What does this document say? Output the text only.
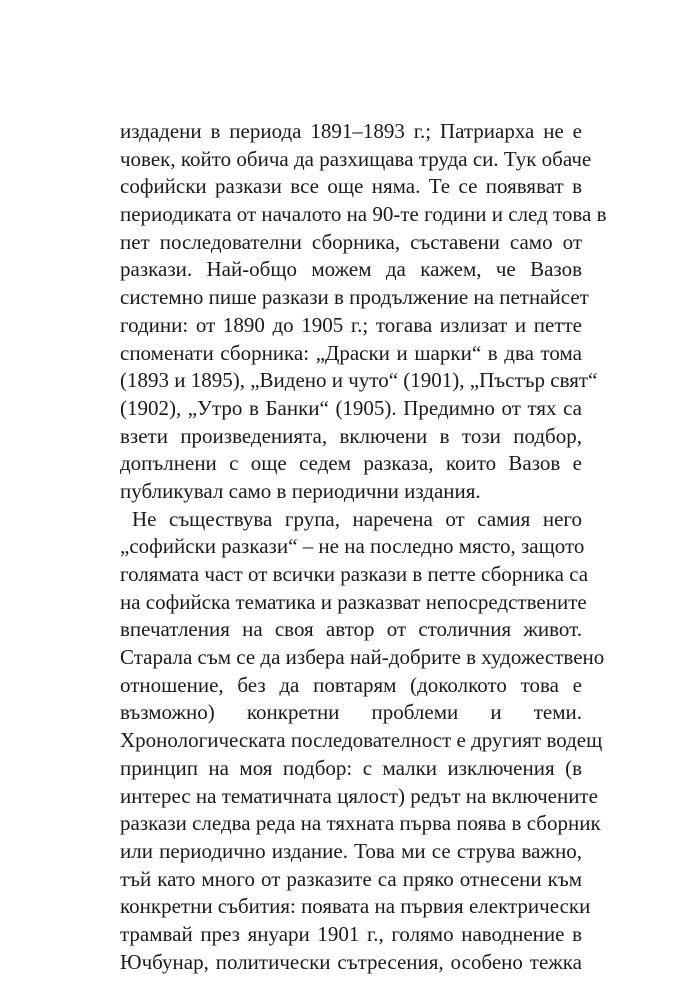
издадени в периода 1891–1893 г.; Патриарха не е
човек, който обича да разхищава труда си. Тук обаче
софийски разкази все още няма. Те се появяват в
периодиката от началото на 90-те години и след това в
пет последователни сборника, съставени само от
разкази. Най-общо можем да кажем, че Вазов
системно пише разкази в продължение на петнайсет
години: от 1890 до 1905 г.; тогава излизат и петте
споменати сборника: „Драски и шарки“ в два тома
(1893 и 1895), „Видено и чуто“ (1901), „Пъстър свят“
(1902), „Утро в Банки“ (1905). Предимно от тях са
взети произведенията, включени в този подбор,
допълнени с още седем разказа, които Вазов е
публикувал само в периодични издания.
Не съществува група, наречена от самия него
„софийски разкази“ – не на последно място, защото
голямата част от всички разкази в петте сборника са
на софийска тематика и разказват непосредствените
впечатления на своя автор от столичния живот.
Старала съм се да избера най-добрите в художествено
отношение, без да повтарям (доколкото това е
възможно) конкретни проблеми и теми.
Хронологическата последователност е другият водещ
принцип на моя подбор: с малки изключения (в
интерес на тематичната цялост) редът на включените
разкази следва реда на тяхната първа поява в сборник
или периодично издание. Това ми се струва важно,
тъй като много от разказите са пряко отнесени към
конкретни събития: появата на първия електрически
трамвай през януари 1901 г., голямо наводнение в
Ючбунар, политически сътресения, особено тежка
